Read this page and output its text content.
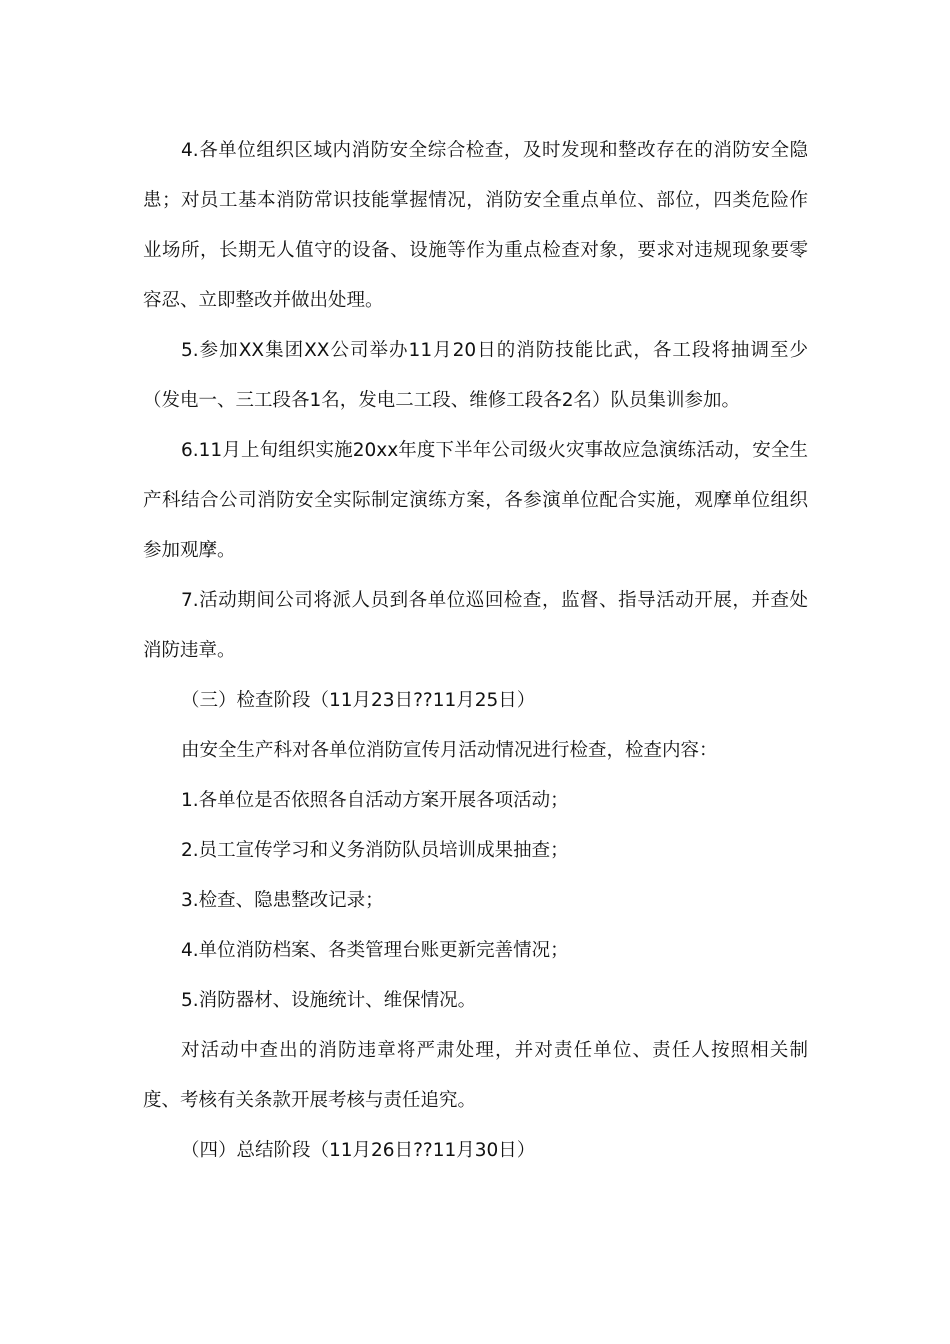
4.各单位组织区域内消防安全综合检查，及时发现和整改存在的消防安全隐患；对员工基本消防常识技能掌握情况，消防安全重点单位、部位，四类危险作业场所，长期无人值守的设备、设施等作为重点检查对象，要求对违规现象要零容忍、立即整改并做出处理。

5.参加XX集团XX公司举办11月20日的消防技能比武，各工段将抽调至少（发电一、三工段各1名，发电二工段、维修工段各2名）队员集训参加。

6.11月上旬组织实施20xx年度下半年公司级火灾事故应急演练活动，安全生产科结合公司消防安全实际制定演练方案，各参演单位配合实施，观摩单位组织参加观摩。

7.活动期间公司将派人员到各单位巡回检查，监督、指导活动开展，并查处消防违章。

（三）检查阶段（11月23日??11月25日）

由安全生产科对各单位消防宣传月活动情况进行检查，检查内容：

1.各单位是否依照各自活动方案开展各项活动；

2.员工宣传学习和义务消防队员培训成果抽查；

3.检查、隐患整改记录；

4.单位消防档案、各类管理台账更新完善情况；

5.消防器材、设施统计、维保情况。

对活动中查出的消防违章将严肃处理，并对责任单位、责任人按照相关制度、考核有关条款开展考核与责任追究。

（四）总结阶段（11月26日??11月30日）
